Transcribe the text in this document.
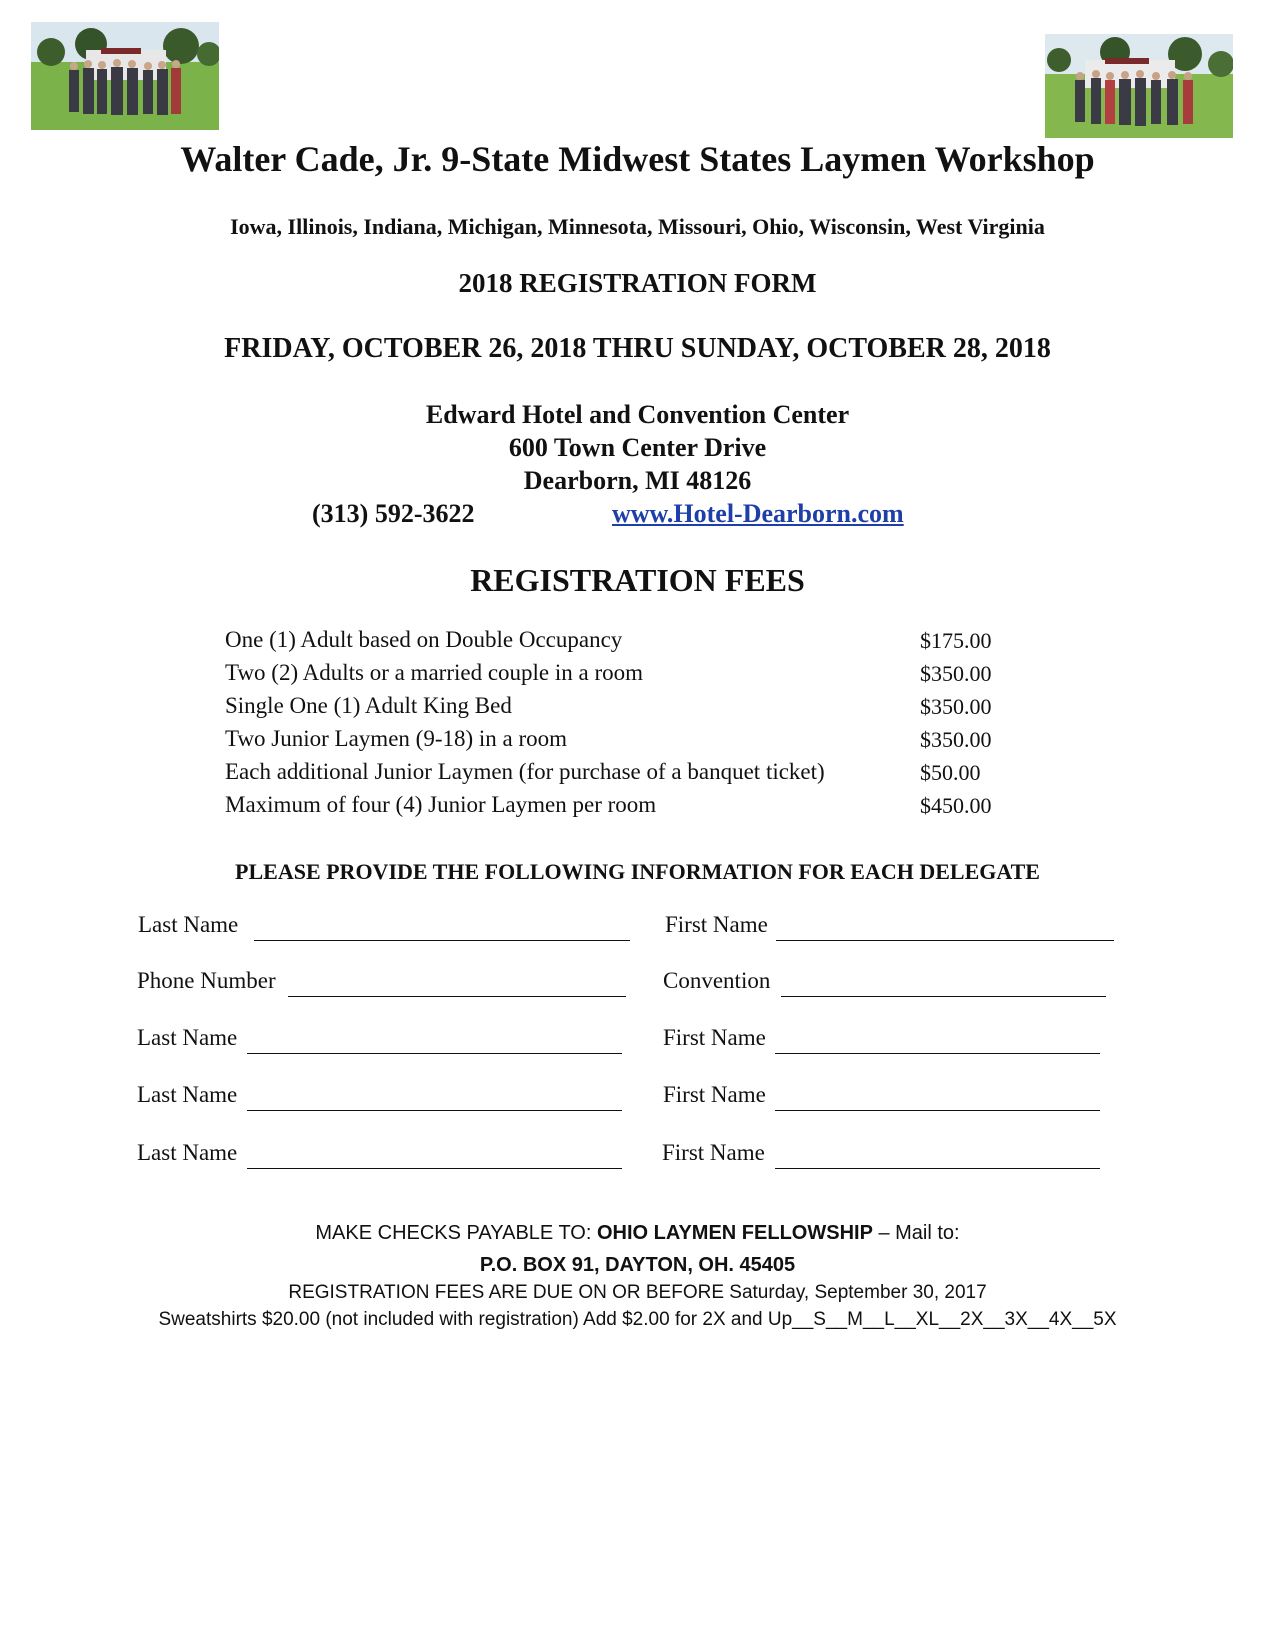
Walter Cade, Jr. 9-State Midwest States Laymen Workshop
Iowa, Illinois, Indiana, Michigan, Minnesota, Missouri, Ohio, Wisconsin, West Virginia
2018 REGISTRATION FORM
FRIDAY, OCTOBER 26, 2018 THRU SUNDAY, OCTOBER 28, 2018
Edward Hotel and Convention Center
600 Town Center Drive
Dearborn, MI 48126
(313) 592-3622	www.Hotel-Dearborn.com
REGISTRATION FEES
One (1) Adult based on Double Occupancy	$175.00
Two (2) Adults or a married couple in a room	$350.00
Single One (1) Adult King Bed	$350.00
Two Junior Laymen (9-18) in a room	$350.00
Each additional Junior Laymen (for purchase of a banquet ticket)	$50.00
Maximum of four (4) Junior Laymen per room	$450.00
PLEASE PROVIDE THE FOLLOWING INFORMATION FOR EACH DELEGATE
Last Name	First Name
Phone Number	Convention
Last Name	First Name
Last Name	First Name
Last Name	First Name
MAKE CHECKS PAYABLE TO: OHIO LAYMEN FELLOWSHIP – Mail to:
P.O. BOX 91, DAYTON, OH. 45405
REGISTRATION FEES ARE DUE ON OR BEFORE Saturday, September 30, 2017
Sweatshirts $20.00 (not included with registration) Add $2.00 for 2X and Up__S__M__L__XL__2X__3X__4X__5X
